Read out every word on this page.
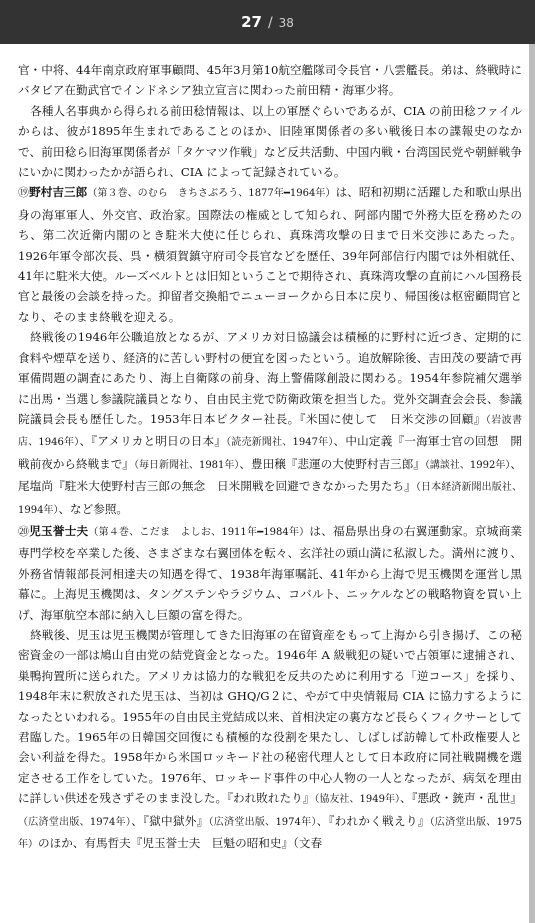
27 / 38

官・中将、44年南京政府軍事顧問、45年3月第10航空艦隊司令長官・八雲艦長。弟は、終戦時にバタビア在勤武官でインドネシア独立宣言に関わった前田精・海軍少将。

各種人名事典から得られる前田稔情報は、以上の軍歴ぐらいであるが、CIA の前田稔ファイルからは、彼が1895年生まれであることのほか、旧陸軍関係者の多い戦後日本の諜報史のなかで、前田稔ら旧海軍関係者が「タケマツ作戦」など反共活動、中国内戦・台湾国民党や朝鮮戦争にいかに関わったかが語られ、CIA によって記録されている。

⑲野村吉三郎（第３巻、のむら　きちさぶろう、1877年━1964年）は、昭和初期に活躍した和歌山県出身の海軍軍人、外交官、政治家。国際法の権威として知られ、阿部内閣で外務大臣を務めたのち、第二次近衛内閣のとき駐米大使に任じられ、真珠湾攻撃の日まで日米交渉にあたった。1926年軍令部次長、呉・横須賀鎮守府司令長官などを歴任、39年阿部信行内閣では外相就任、41年に駐米大使。ルーズベルトとは旧知ということで期待され、真珠湾攻撃の直前にハル国務長官と最後の会談を持った。抑留者交換船でニューヨークから日本に戻り、帰国後は枢密顧問官となり、そのまま終戦を迎える。

終戦後の1946年公職追放となるが、アメリカ対日協議会は積極的に野村に近づき、定期的に食料や煙草を送り、経済的に苦しい野村の便宜を図ったという。追放解除後、吉田茂の要請で再軍備問題の調査にあたり、海上自衛隊の前身、海上警備隊創設に関わる。1954年参院補欠選挙に出馬・当選し参議院議員となり、自由民主党で防衛政策を担当した。党外交調査会会長、参議院議員会長も歴任した。1953年日本ビクター社長。『米国に使して　日米交渉の回顧』（岩波書店、1946年）、『アメリカと明日の日本』（読売新聞社、1947年）、中山定義『一海軍士官の回想　開戦前夜から終戦まで』（毎日新聞社、1981年）、豊田穣『悲運の大使野村吉三郎』（講談社、1992年）、尾塩尚『駐米大使野村吉三郎の無念　日米開戦を回避できなかった男たち』（日本経済新聞出版社、1994年）、など参照。

⑳児玉誉士夫（第４巻、こだま　よしお、1911年━1984年）は、福島県出身の右翼運動家。京城商業専門学校を卒業した後、さまざまな右翼団体を転々、玄洋社の頭山満に私淑した。満州に渡り、外務省情報部長河相達夫の知遇を得て、1938年海軍嘱託、41年から上海で児玉機関を運営し黒幕に。上海児玉機関は、タングステンやラジウム、コバルト、ニッケルなどの戦略物資を買い上げ、海軍航空本部に納入し巨額の富を得た。

終戦後、児玉は児玉機関が管理してきた旧海軍の在留資産をもって上海から引き揚げ、この秘密資金の一部は鳩山自由党の結党資金となった。1946年 A 級戦犯の疑いで占領軍に逮捕され、巣鴨拘置所に送られた。アメリカは協力的な戦犯を反共のために利用する「逆コース」を採り、1948年末に釈放された児玉は、当初は GHQ/G２に、やがて中央情報局 CIA に協力するようになったといわれる。1955年の自由民主党結成以来、首相決定の裏方など長らくフィクサーとして君臨した。1965年の日韓国交回復にも積極的な役割を果たし、しばしば訪韓して朴政権要人と会い利益を得た。1958年から米国ロッキード社の秘密代理人として日本政府に同社戦闘機を選定させる工作をしていた。1976年、ロッキード事件の中心人物の一人となったが、病気を理由に詳しい供述を残さずそのまま没した。『われ敗れたり』（協友社、1949年）、『悪政・銃声・乱世』（広済堂出版、1974年）、『獄中獄外』（広済堂出版、1974年）、『われかく戦えり』（広済堂出版、1975年）のほか、有馬哲夫『児玉誉士夫　巨魁の昭和史』（文春
